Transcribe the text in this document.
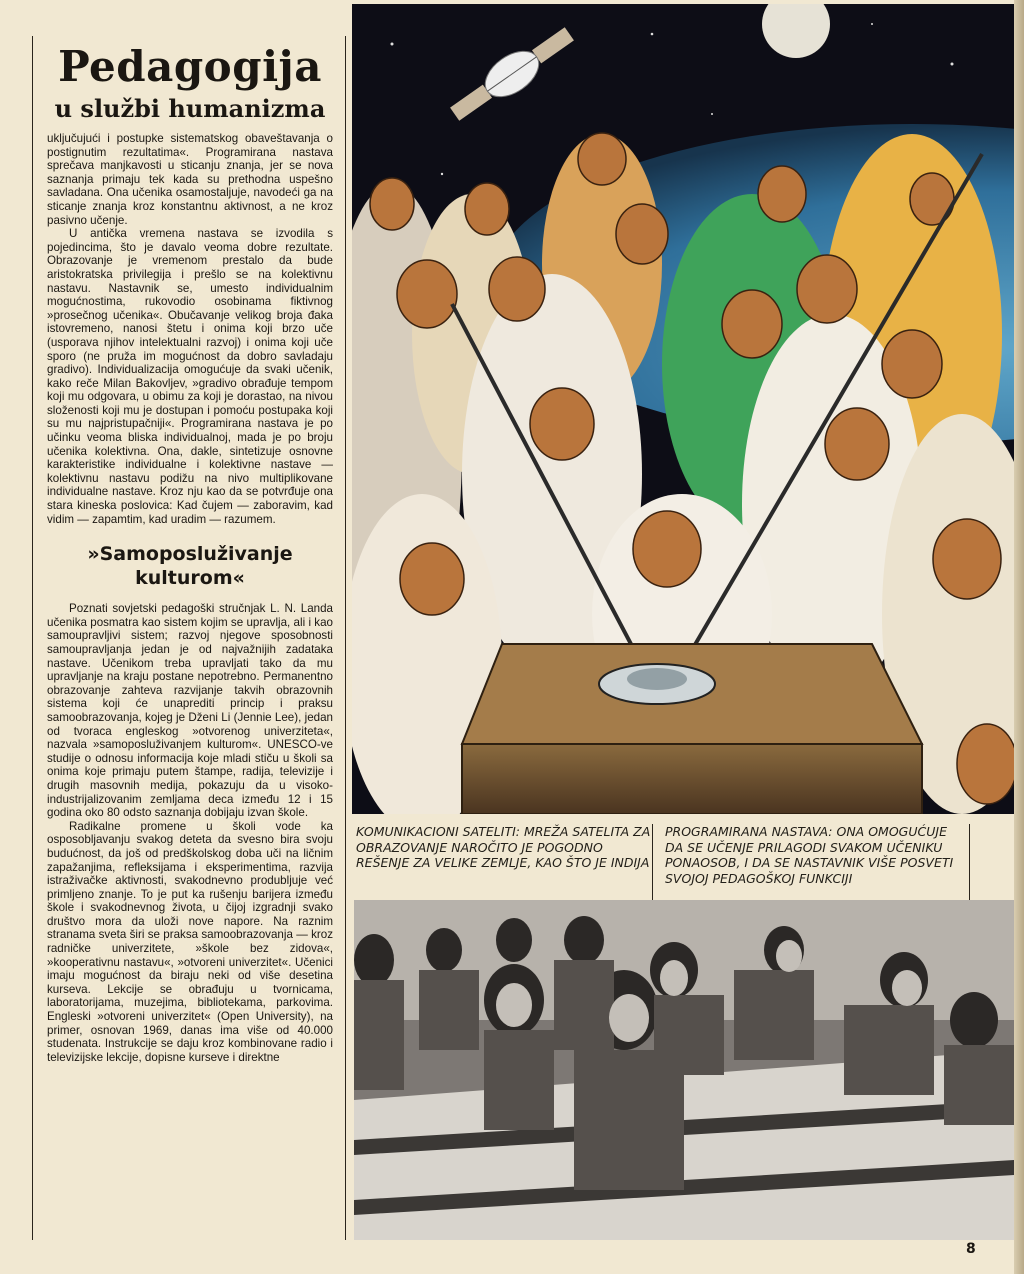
Pedagogija
u službi humanizma

uključujući i postupke sistematskog obaveštavanja o postignutim rezultatima«. Programirana nastava sprečava manjkavosti u sticanju znanja, jer se nova saznanja primaju tek kada su prethodna uspešno savladana. Ona učenika osamostaljuje, navodeći ga na sticanje znanja kroz konstantnu aktivnost, a ne kroz pasivno učenje.

U antička vremena nastava se izvodila s pojedincima, što je davalo veoma dobre rezultate. Obrazovanje je vremenom prestalo da bude aristokratska privilegija i prešlo se na kolektivnu nastavu. Nastavnik se, umesto individualnim mogućnostima, rukovodio osobinama fiktivnog »prosečnog učenika«. Obučavanje velikog broja đaka istovremeno, nanosi štetu i onima koji brzo uče (usporava njihov intelektualni razvoj) i onima koji uče sporo (ne pruža im mogućnost da dobro savladaju gradivo). Individualizacija omogućuje da svaki učenik, kako reče Milan Bakovljev, »gradivo obrađuje tempom koji mu odgovara, u obimu za koji je dorastao, na nivou složenosti koji mu je dostupan i pomoću postupaka koji su mu najpristupačniji«. Programirana nastava je po učinku veoma bliska individualnoj, mada je po broju učenika kolektivna. Ona, dakle, sintetizuje osnovne karakteristike individualne i kolektivne nastave — kolektivnu nastavu podižu na nivo multiplikovane individualne nastave. Kroz nju kao da se potvrđuje ona stara kineska poslovica: Kad čujem — zaboravim, kad vidim — zapamtim, kad uradim — razumem.

»Samoposluživanje kulturom«

Poznati sovjetski pedagoški stručnjak L. N. Landa učenika posmatra kao sistem kojim se upravlja, ali i kao samoupravljivi sistem; razvoj njegove sposobnosti samoupravljanja jedan je od najvažnijih zadataka nastave. Učenikom treba upravljati tako da mu upravljanje na kraju postane nepotrebno. Permanentno obrazovanje zahteva razvijanje takvih obrazovnih sistema koji će unaprediti princip i praksu samoobrazovanja, kojeg je Dženi Li (Jennie Lee), jedan od tvoraca engleskog »otvorenog univerziteta«, nazvala »samoposluživanjem kulturom«. UNESCO-ve studije o odnosu informacija koje mladi stiču u školi sa onima koje primaju putem štampe, radija, televizije i drugih masovnih medija, pokazuju da u visoko-industrijalizovanim zemljama deca između 12 i 15 godina oko 80 odsto saznanja dobijaju izvan škole.

Radikalne promene u školi vode ka osposobljavanju svakog deteta da svesno bira svoju budućnost, da još od predškolskog doba uči na ličnim zapažanjima, refleksijama i eksperimentima, razvija istraživačke aktivnosti, svakodnevno produbljuje već primljeno znanje. To je put ka rušenju barijera između škole i svakodnevnog života, u čijoj izgradnji svako društvo mora da uloži nove napore. Na raznim stranama sveta širi se praksa samoobrazovanja — kroz radničke univerzitete, »škole bez zidova«, »kooperativnu nastavu«, »otvoreni univerzitet«. Učenici imaju mogućnost da biraju neki od više desetina kurseva. Lekcije se obrađuju u tvornicama, laboratorijama, muzejima, bibliotekama, parkovima. Engleski »otvoreni univerzitet« (Open University), na primer, osnovan 1969, danas ima više od 40.000 studenata. Instrukcije se daju kroz kombinovane radio i televizijske lekcije, dopisne kurseve i direktne

KOMUNIKACIONI SATELITI: MREŽA SATELITA ZA OBRAZOVANJE NAROČITO JE POGODNO REŠENJE ZA VELIKE ZEMLJE, KAO ŠTO JE INDIJA
PROGRAMIRANA NASTAVA: ONA OMOGUĆUJE DA SE UČENJE PRILAGODI SVAKOM UČENIKU PONAOSOB, I DA SE NASTAVNIK VIŠE POSVETI SVOJOJ PEDAGOŠKOJ FUNKCIJI
8
